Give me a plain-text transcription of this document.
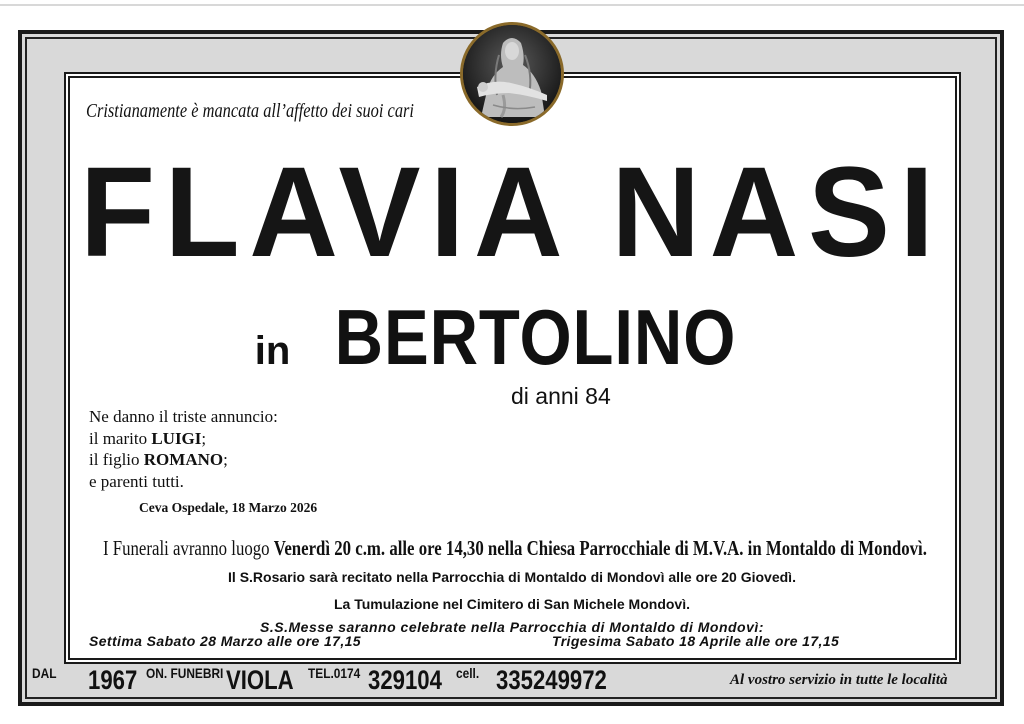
Cristianamente è mancata all’affetto dei suoi cari
FLAVIA NASI
in BERTOLINO
di anni 84
Ne danno il triste annuncio:
il marito LUIGI;
il figlio ROMANO;
e parenti tutti.
Ceva Ospedale, 18 Marzo 2026
I Funerali avranno luogo Venerdì 20 c.m. alle ore 14,30 nella Chiesa Parrocchiale di M.V.A. in Montaldo di Mondovì.
Il S.Rosario sarà recitato nella Parrocchia di Montaldo di Mondovì alle ore 20 Giovedì.
La Tumulazione nel Cimitero di San Michele Mondovì.
S.S.Messe saranno celebrate nella Parrocchia di Montaldo di Mondovì:
Settima Sabato 28 Marzo alle ore 17,15	Trigesima Sabato 18 Aprile alle ore 17,15
DAL 1967 ON. FUNEBRI VIOLA TEL.0174 329104 cell. 335249972	Al vostro servizio in tutte le località
